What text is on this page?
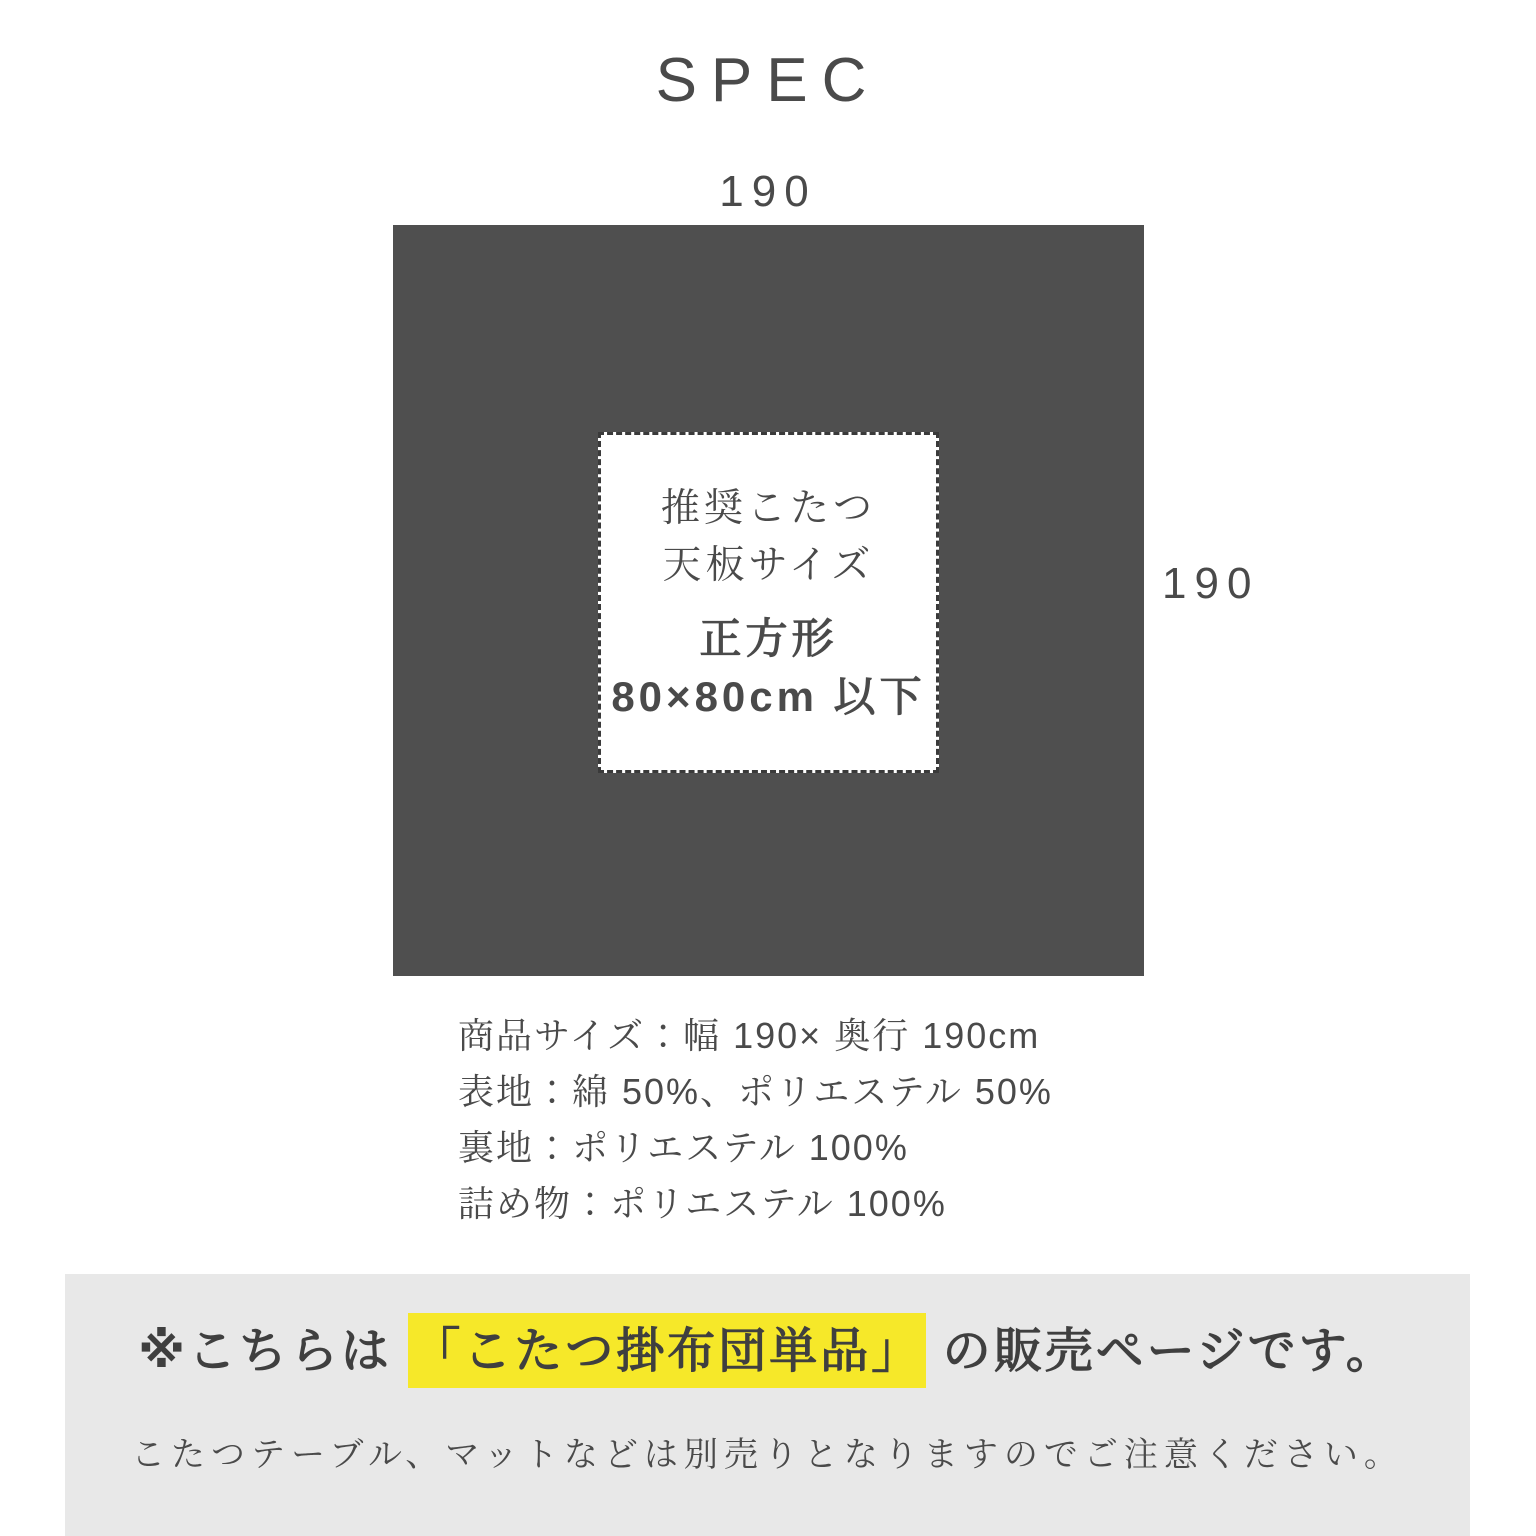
SPEC
190

推奨こたつ

天板サイズ

正方形

80×80cm 以下

190

商品サイズ：幅 190× 奥行 190cm

表地：綿 50%、ポリエステル 50%

裏地：ポリエステル 100%

詰め物：ポリエステル 100%

※こちらは 「こたつ掛布団単品」 の販売ページです。

こたつテーブル、マットなどは別売りとなりますのでご注意ください。
